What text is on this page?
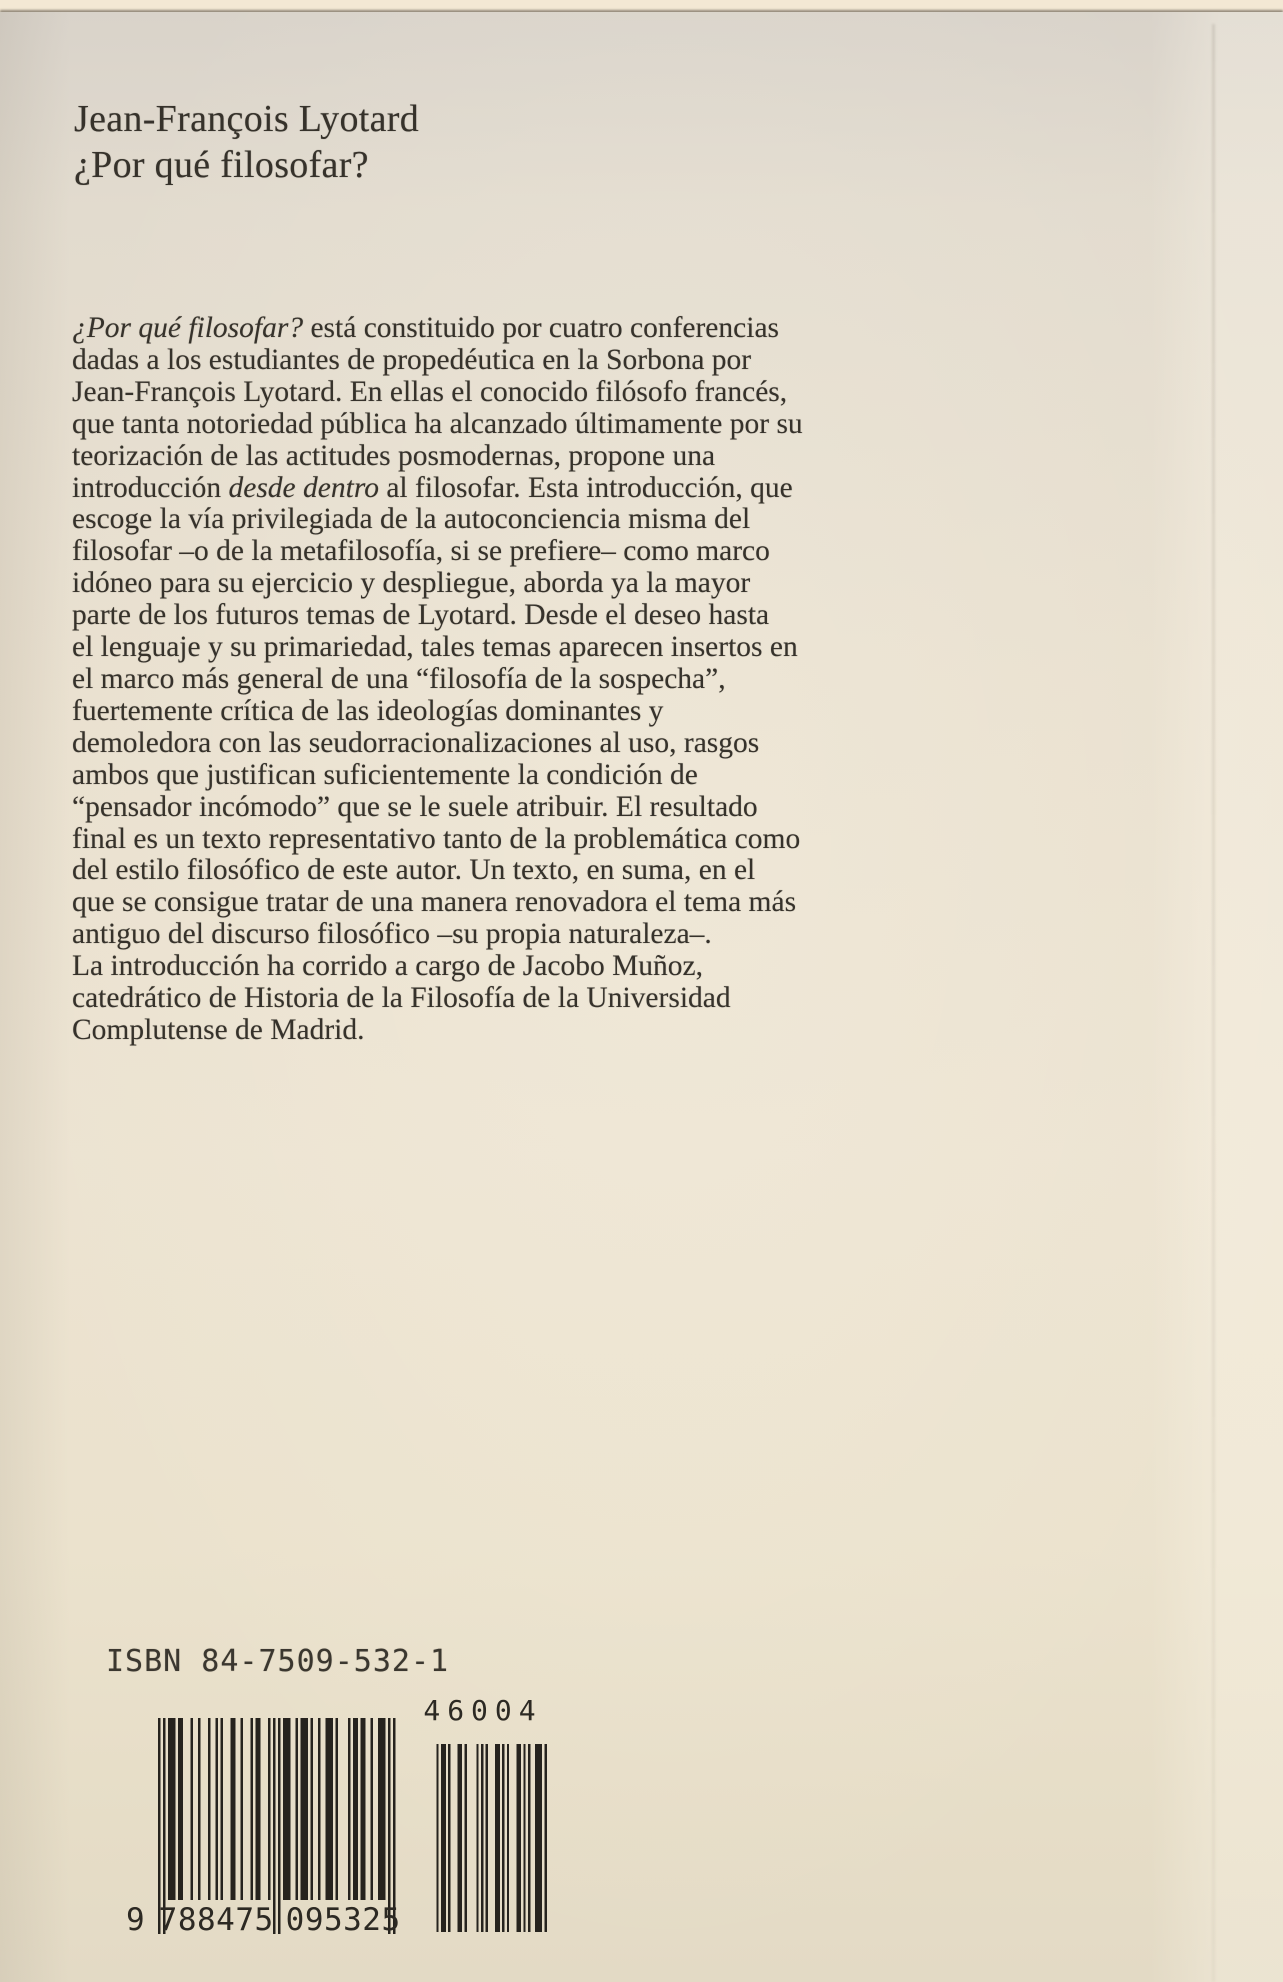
Jean-François Lyotard
¿Por qué filosofar?
¿Por qué filosofar? está constituido por cuatro conferencias
dadas a los estudiantes de propedéutica en la Sorbona por
Jean-François Lyotard. En ellas el conocido filósofo francés,
que tanta notoriedad pública ha alcanzado últimamente por su
teorización de las actitudes posmodernas, propone una
introducción desde dentro al filosofar. Esta introducción, que
escoge la vía privilegiada de la autoconciencia misma del
filosofar –o de la metafilosofía, si se prefiere– como marco
idóneo para su ejercicio y despliegue, aborda ya la mayor
parte de los futuros temas de Lyotard. Desde el deseo hasta
el lenguaje y su primariedad, tales temas aparecen insertos en
el marco más general de una “filosofía de la sospecha”,
fuertemente crítica de las ideologías dominantes y
demoledora con las seudorracionalizaciones al uso, rasgos
ambos que justifican suficientemente la condición de
“pensador incómodo” que se le suele atribuir. El resultado
final es un texto representativo tanto de la problemática como
del estilo filosófico de este autor. Un texto, en suma, en el
que se consigue tratar de una manera renovadora el tema más
antiguo del discurso filosófico –su propia naturaleza–.
La introducción ha corrido a cargo de Jacobo Muñoz,
catedrático de Historia de la Filosofía de la Universidad
Complutense de Madrid.
ISBN 84-7509-532-1
46004
9 788475 095325
